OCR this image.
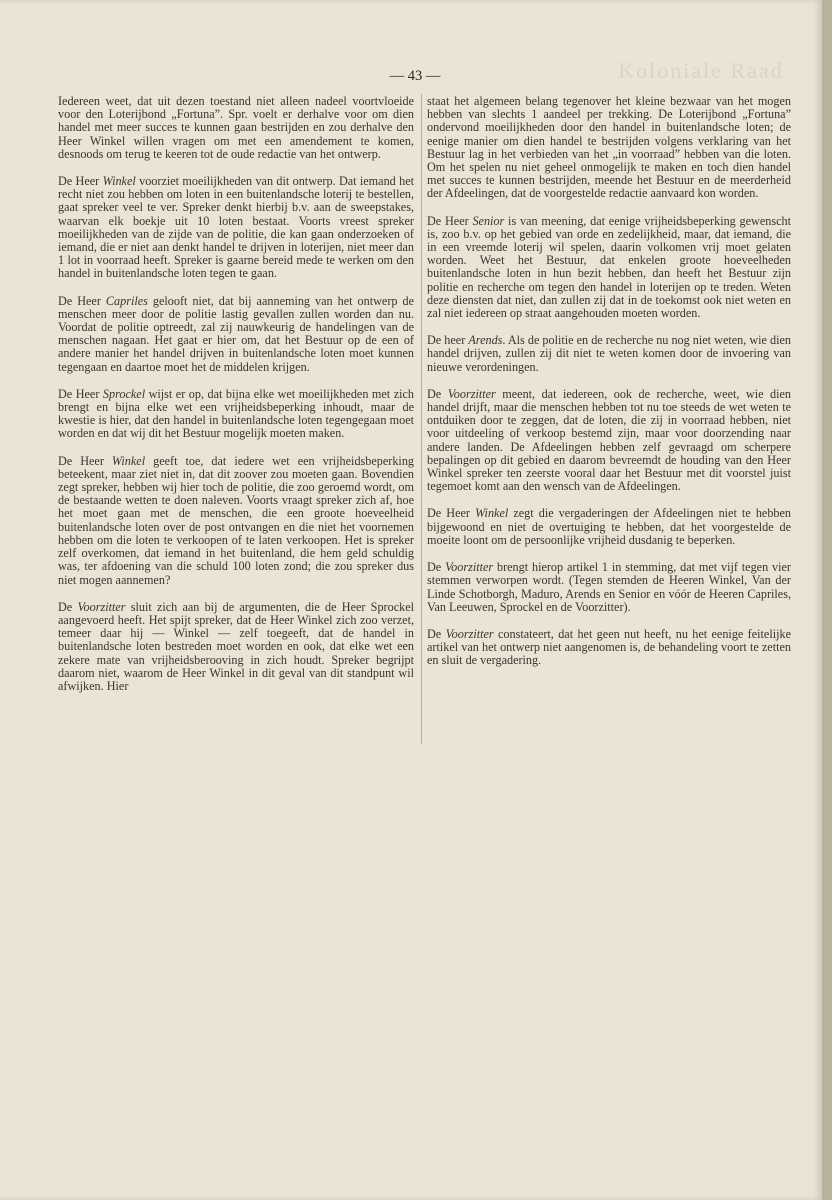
Koloniale Raad
— 43 —

Iedereen weet, dat uit dezen toestand niet alleen nadeel voortvloeide voor den Loterijbond „Fortuna”. Spr. voelt er derhalve voor om dien handel met meer succes te kunnen gaan bestrijden en zou derhalve den Heer Winkel willen vragen om met een amendement te komen, desnoods om terug te keeren tot de oude redactie van het ontwerp.

De Heer Winkel voorziet moeilijkheden van dit ontwerp. Dat iemand het recht niet zou hebben om loten in een buitenlandsche loterij te bestellen, gaat spreker veel te ver. Spreker denkt hierbij b.v. aan de sweepstakes, waarvan elk boekje uit 10 loten bestaat. Voorts vreest spreker moeilijkheden van de zijde van de politie, die kan gaan onderzoeken of iemand, die er niet aan denkt handel te drijven in loterijen, niet meer dan 1 lot in voorraad heeft. Spreker is gaarne bereid mede te werken om den handel in buitenlandsche loten tegen te gaan.

De Heer Capriles gelooft niet, dat bij aanneming van het ontwerp de menschen meer door de politie lastig gevallen zullen worden dan nu. Voordat de politie optreedt, zal zij nauwkeurig de handelingen van de menschen nagaan. Het gaat er hier om, dat het Bestuur op de een of andere manier het handel drijven in buitenlandsche loten moet kunnen tegengaan en daartoe moet het de middelen krijgen.

De Heer Sprockel wijst er op, dat bijna elke wet moeilijkheden met zich brengt en bijna elke wet een vrijheidsbeperking inhoudt, maar de kwestie is hier, dat den handel in buitenlandsche loten tegengegaan moet worden en dat wij dit het Bestuur mogelijk moeten maken.

De Heer Winkel geeft toe, dat iedere wet een vrijheidsbeperking beteekent, maar ziet niet in, dat dit zoover zou moeten gaan. Bovendien zegt spreker, hebben wij hier toch de politie, die zoo geroemd wordt, om de bestaande wetten te doen naleven. Voorts vraagt spreker zich af, hoe het moet gaan met de menschen, die een groote hoeveelheid buitenlandsche loten over de post ontvangen en die niet het voornemen hebben om die loten te verkoopen of te laten verkoopen. Het is spreker zelf overkomen, dat iemand in het buitenland, die hem geld schuldig was, ter afdoening van die schuld 100 loten zond; die zou spreker dus niet mogen aannemen?

De Voorzitter sluit zich aan bij de argumenten, die de Heer Sprockel aangevoerd heeft. Het spijt spreker, dat de Heer Winkel zich zoo verzet, temeer daar hij — Winkel — zelf toegeeft, dat de handel in buitenlandsche loten bestreden moet worden en ook, dat elke wet een zekere mate van vrijheidsberooving in zich houdt. Spreker begrijpt daarom niet, waarom de Heer Winkel in dit geval van dit standpunt wil afwijken. Hier

staat het algemeen belang tegenover het kleine bezwaar van het mogen hebben van slechts 1 aandeel per trekking. De Loterijbond „Fortuna” ondervond moeilijkheden door den handel in buitenlandsche loten; de eenige manier om dien handel te bestrijden volgens verklaring van het Bestuur lag in het verbieden van het „in voorraad” hebben van die loten. Om het spelen nu niet geheel onmogelijk te maken en toch dien handel met succes te kunnen bestrijden, meende het Bestuur en de meerderheid der Afdeelingen, dat de voorgestelde redactie aanvaard kon worden.

De Heer Senior is van meening, dat eenige vrijheidsbeperking gewenscht is, zoo b.v. op het gebied van orde en zedelijkheid, maar, dat iemand, die in een vreemde loterij wil spelen, daarin volkomen vrij moet gelaten worden. Weet het Bestuur, dat enkelen groote hoeveelheden buitenlandsche loten in hun bezit hebben, dan heeft het Bestuur zijn politie en recherche om tegen den handel in loterijen op te treden. Weten deze diensten dat niet, dan zullen zij dat in de toekomst ook niet weten en zal niet iedereen op straat aangehouden moeten worden.

De heer Arends. Als de politie en de recherche nu nog niet weten, wie dien handel drijven, zullen zij dit niet te weten komen door de invoering van nieuwe verordeningen.

De Voorzitter meent, dat iedereen, ook de recherche, weet, wie dien handel drijft, maar die menschen hebben tot nu toe steeds de wet weten te ontduiken door te zeggen, dat de loten, die zij in voorraad hebben, niet voor uitdeeling of verkoop bestemd zijn, maar voor doorzending naar andere landen. De Afdeelingen hebben zelf gevraagd om scherpere bepalingen op dit gebied en daarom bevreemdt de houding van den Heer Winkel spreker ten zeerste vooral daar het Bestuur met dit voorstel juist tegemoet komt aan den wensch van de Afdeelingen.

De Heer Winkel zegt die vergaderingen der Afdeelingen niet te hebben bijgewoond en niet de overtuiging te hebben, dat het voorgestelde de moeite loont om de persoonlijke vrijheid dusdanig te beperken.

De Voorzitter brengt hierop artikel 1 in stemming, dat met vijf tegen vier stemmen verworpen wordt. (Tegen stemden de Heeren Winkel, Van der Linde Schotborgh, Maduro, Arends en Senior en vóór de Heeren Capriles, Van Leeuwen, Sprockel en de Voorzitter).

De Voorzitter constateert, dat het geen nut heeft, nu het eenige feitelijke artikel van het ontwerp niet aangenomen is, de behandeling voort te zetten en sluit de vergadering.
